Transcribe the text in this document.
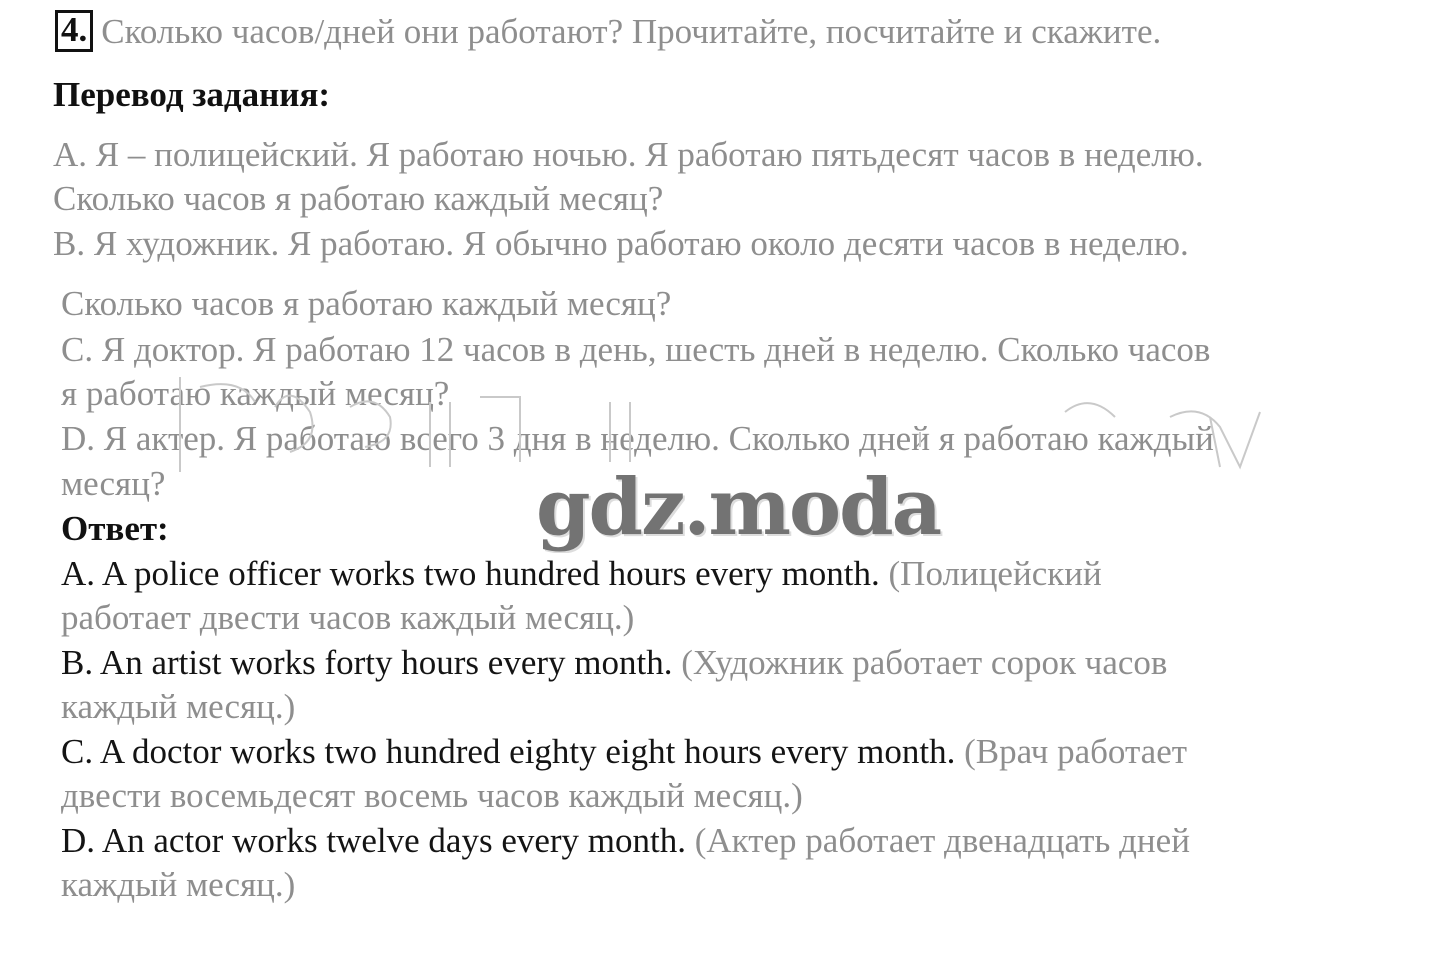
4. Сколько часов/дней они работают? Прочитайте, посчитайте и скажите.
Перевод задания:
A. Я – полицейский. Я работаю ночью. Я работаю пятьдесят часов в неделю.
Сколько часов я работаю каждый месяц?
B. Я художник. Я работаю. Я обычно работаю около десяти часов в неделю.
Сколько часов я работаю каждый месяц?
C. Я доктор. Я работаю 12 часов в день, шесть дней в неделю. Сколько часов
я работаю каждый месяц?
D. Я актер. Я работаю всего 3 дня в неделю. Сколько дней я работаю каждый
месяц?	gdz.moda
Ответ:
A. A police officer works two hundred hours every month. (Полицейский
работает двести часов каждый месяц.)
B. An artist works forty hours every month. (Художник работает сорок часов
каждый месяц.)
C. A doctor works two hundred eighty eight hours every month. (Врач работает
двести восемьдесят восемь часов каждый месяц.)
D. An actor works twelve days every month. (Актер работает двенадцать дней
каждый месяц.)
